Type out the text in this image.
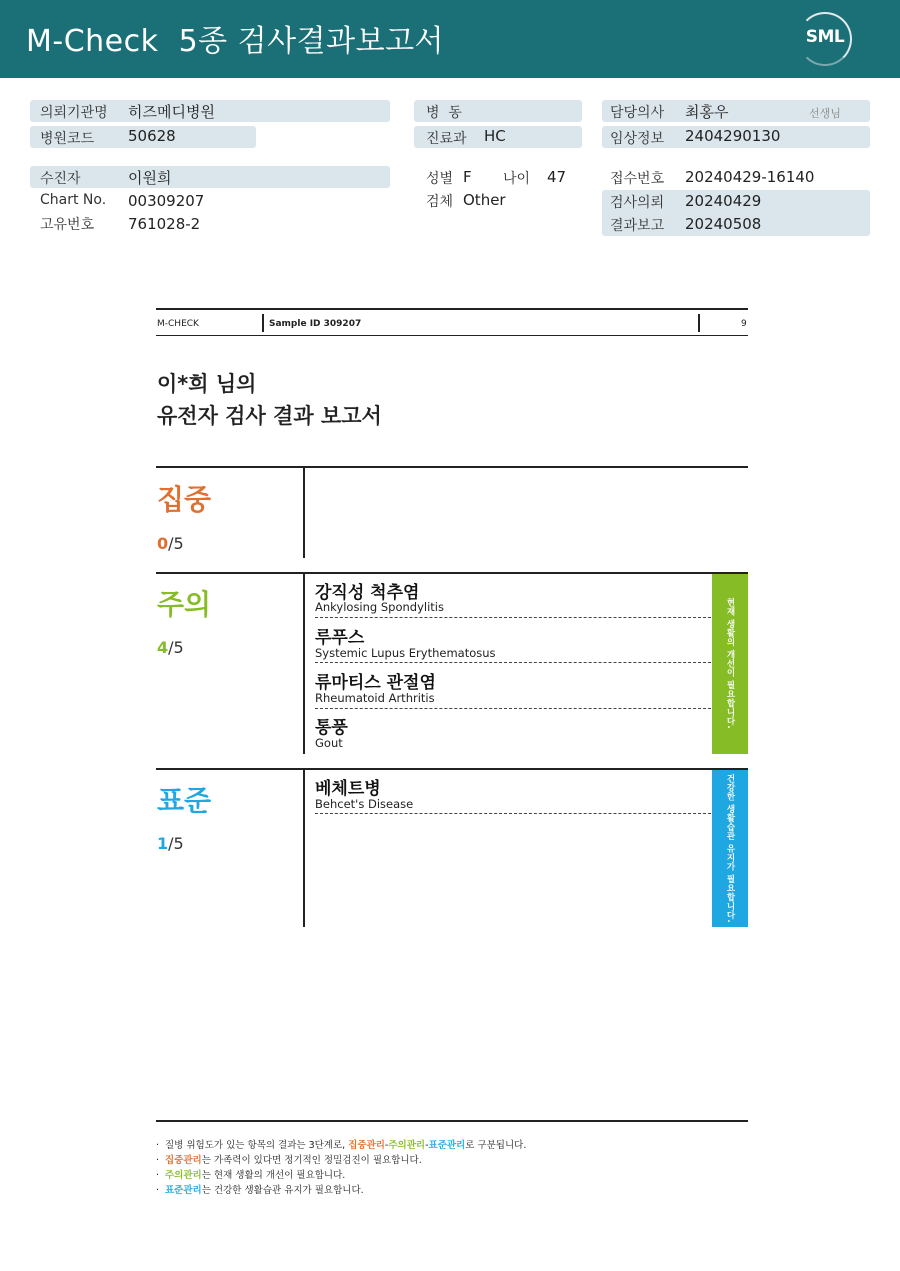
M-Check  5종 검사결과보고서	SML
의뢰기관명 히즈메디병원
병원코드 50628
수진자	이원희
Chart No. 00309207
고유번호 761028-2
병  동
진료과 HC
성별 F 나이 47
검체 Other
담당의사 최홍우	선생님
임상정보 2404290130
접수번호 20240429-16140
검사의뢰 20240429
결과보고 20240508
M-CHECK	Sample ID 309207	9
이*희 님의
유전자 검사 결과 보고서
집중
0/5
주의
4/5
강직성 척추염
Ankylosing Spondylitis
루푸스
Systemic Lupus Erythematosus
류마티스 관절염
Rheumatoid Arthritis
통풍
Gout
현재 생활의 개선이 필요합니다.
표준
1/5
베체트병
Behcet's Disease	건강한 생활습관 유지가 필요합니다.
· 질병 위험도가 있는 항목의 결과는 3단계로, 집중관리-주의관리-표준관리로 구분됩니다.
· 집중관리는 가족력이 있다면 정기적인 정밀검진이 필요합니다.
· 주의관리는 현재 생활의 개선이 필요합니다.
· 표준관리는 건강한 생활습관 유지가 필요합니다.
